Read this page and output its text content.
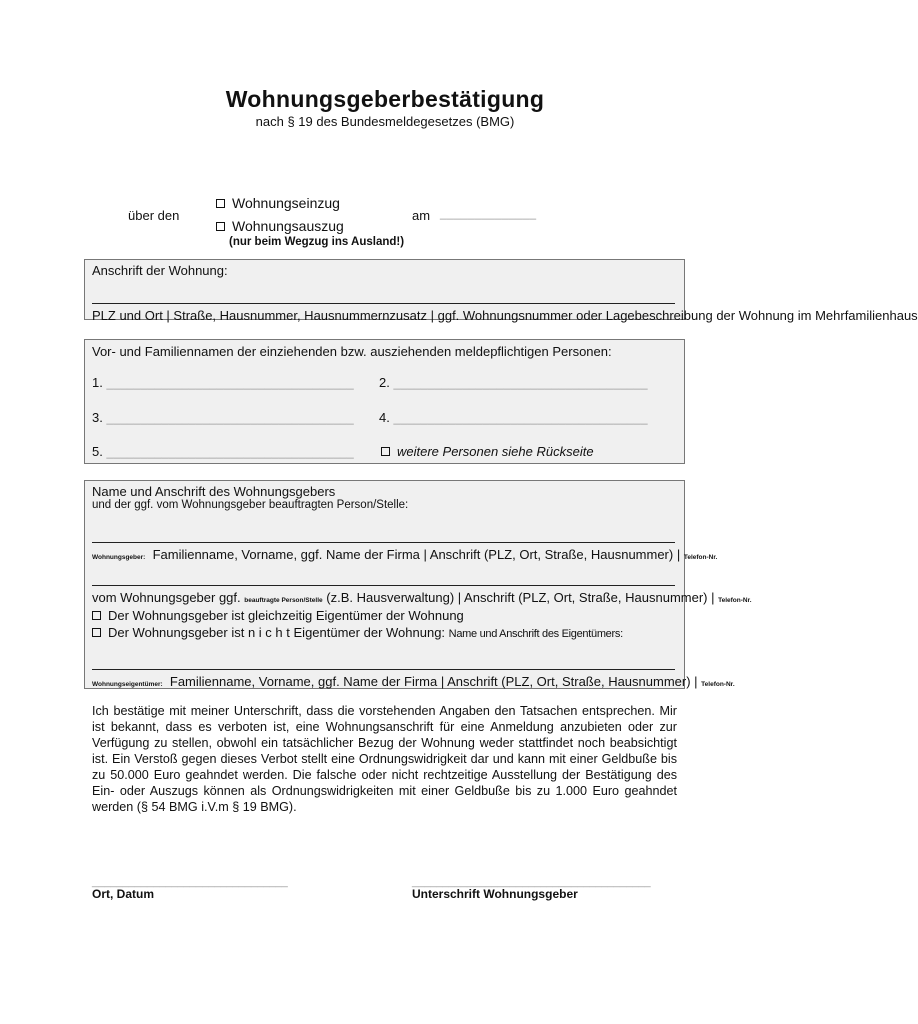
Wohnungsgeberbestätigung
nach § 19 des Bundesmeldegesetzes (BMG)
über den
Wohnungseinzug
Wohnungsauszug
(nur beim Wegzug ins Ausland!)
am ______________
Anschrift der Wohnung:
PLZ und Ort | Straße, Hausnummer, Hausnummernzusatz | ggf. Wohnungsnummer oder Lagebeschreibung der Wohnung im Mehrfamilienhaus
Vor- und Familiennamen der einziehenden bzw. ausziehenden meldepflichtigen Personen:
1. ____________________________________ 2. _____________________________________
3. ____________________________________ 4. _____________________________________
5. ____________________________________	weitere Personen siehe Rückseite
Name und Anschrift des Wohnungsgebers
und der ggf. vom Wohnungsgeber beauftragten Person/Stelle:
Wohnungsgeber: Familienname, Vorname, ggf. Name der Firma | Anschrift (PLZ, Ort, Straße, Hausnummer) | Telefon-Nr.
vom Wohnungsgeber ggf. beauftragte Person/Stelle (z.B. Hausverwaltung) | Anschrift (PLZ, Ort, Straße, Hausnummer) | Telefon-Nr.
Der Wohnungsgeber ist gleichzeitig Eigentümer der Wohnung
Der Wohnungsgeber ist n i c h t Eigentümer der Wohnung: Name und Anschrift des Eigentümers:
Wohnungseigentümer: Familienname, Vorname, ggf. Name der Firma | Anschrift (PLZ, Ort, Straße, Hausnummer) | Telefon-Nr.
Ich bestätige mit meiner Unterschrift, dass die vorstehenden Angaben den Tatsachen entsprechen. Mir ist bekannt, dass es verboten ist, eine Wohnungsanschrift für eine Anmeldung anzubieten oder zur Verfügung zu stellen, obwohl ein tatsächlicher Bezug der Wohnung weder stattfindet noch beabsichtigt ist. Ein Verstoß gegen dieses Verbot stellt eine Ordnungswidrigkeit dar und kann mit einer Geldbuße bis zu 50.000 Euro geahndet werden. Die falsche oder nicht rechtzeitige Ausstellung der Bestätigung des Ein- oder Auszugs können als Ordnungswidrigkeiten mit einer Geldbuße bis zu 1.000 Euro geahndet werden (§ 54 BMG i.V.m § 19 BMG).
________________________________	_______________________________________
Ort, Datum	Unterschrift Wohnungsgeber
